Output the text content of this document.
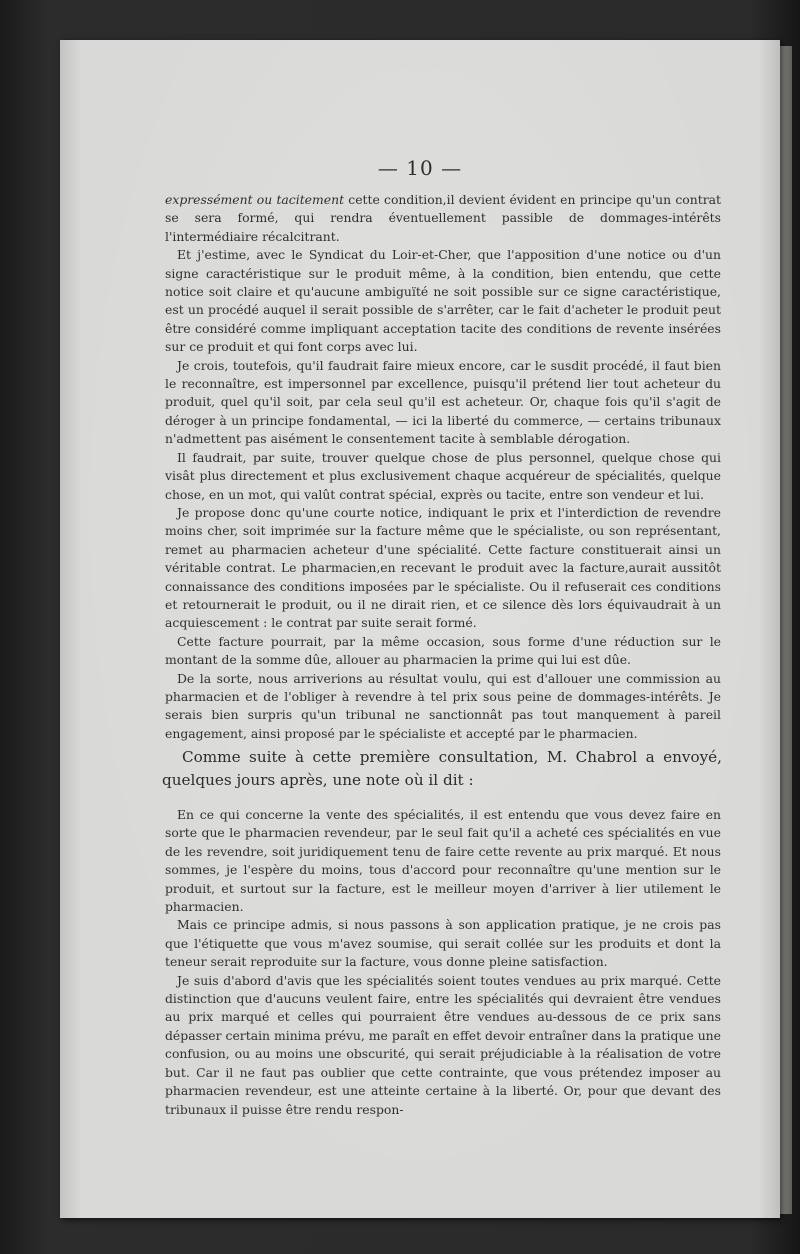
— 10 —

expressément ou tacitement cette condition,il devient évident en principe qu'un contrat se sera formé, qui rendra éventuellement passible de dommages-intérêts l'intermédiaire récalcitrant.

Et j'estime, avec le Syndicat du Loir-et-Cher, que l'apposition d'une notice ou d'un signe caractéristique sur le produit même, à la condition, bien entendu, que cette notice soit claire et qu'aucune ambiguïté ne soit possible sur ce signe caractéristique, est un procédé auquel il serait possible de s'arrêter, car le fait d'acheter le produit peut être considéré comme impliquant acceptation tacite des conditions de revente insérées sur ce produit et qui font corps avec lui.

Je crois, toutefois, qu'il faudrait faire mieux encore, car le susdit procédé, il faut bien le reconnaître, est impersonnel par excellence, puisqu'il prétend lier tout acheteur du produit, quel qu'il soit, par cela seul qu'il est acheteur. Or, chaque fois qu'il s'agit de déroger à un principe fondamental, — ici la liberté du commerce, — certains tribunaux n'admettent pas aisément le consentement tacite à semblable dérogation.

Il faudrait, par suite, trouver quelque chose de plus personnel, quelque chose qui visât plus directement et plus exclusivement chaque acquéreur de spécialités, quelque chose, en un mot, qui valût contrat spécial, exprès ou tacite, entre son vendeur et lui.

Je propose donc qu'une courte notice, indiquant le prix et l'interdiction de revendre moins cher, soit imprimée sur la facture même que le spécialiste, ou son représentant, remet au pharmacien acheteur d'une spécialité. Cette facture constituerait ainsi un véritable contrat. Le pharmacien,en recevant le produit avec la facture,aurait aussitôt connaissance des conditions imposées par le spécialiste. Ou il refuserait ces conditions et retournerait le produit, ou il ne dirait rien, et ce silence dès lors équivaudrait à un acquiescement : le contrat par suite serait formé.

Cette facture pourrait, par la même occasion, sous forme d'une réduction sur le montant de la somme dûe, allouer au pharmacien la prime qui lui est dûe.

De la sorte, nous arriverions au résultat voulu, qui est d'allouer une commission au pharmacien et de l'obliger à revendre à tel prix sous peine de dommages-intérêts. Je serais bien surpris qu'un tribunal ne sanctionnât pas tout manquement à pareil engagement, ainsi proposé par le spécialiste et accepté par le pharmacien.

Comme suite à cette première consultation, M. Chabrol a envoyé, quelques jours après, une note où il dit :

En ce qui concerne la vente des spécialités, il est entendu que vous devez faire en sorte que le pharmacien revendeur, par le seul fait qu'il a acheté ces spécialités en vue de les revendre, soit juridiquement tenu de faire cette revente au prix marqué. Et nous sommes, je l'espère du moins, tous d'accord pour reconnaître qu'une mention sur le produit, et surtout sur la facture, est le meilleur moyen d'arriver à lier utilement le pharmacien.

Mais ce principe admis, si nous passons à son application pratique, je ne crois pas que l'étiquette que vous m'avez soumise, qui serait collée sur les produits et dont la teneur serait reproduite sur la facture, vous donne pleine satisfaction.

Je suis d'abord d'avis que les spécialités soient toutes vendues au prix marqué. Cette distinction que d'aucuns veulent faire, entre les spécialités qui devraient être vendues au prix marqué et celles qui pourraient être vendues au-dessous de ce prix sans dépasser certain minima prévu, me paraît en effet devoir entraîner dans la pratique une confusion, ou au moins une obscurité, qui serait préjudiciable à la réalisation de votre but. Car il ne faut pas oublier que cette contrainte, que vous prétendez imposer au pharmacien revendeur, est une atteinte certaine à la liberté. Or, pour que devant des tribunaux il puisse être rendu respon-
